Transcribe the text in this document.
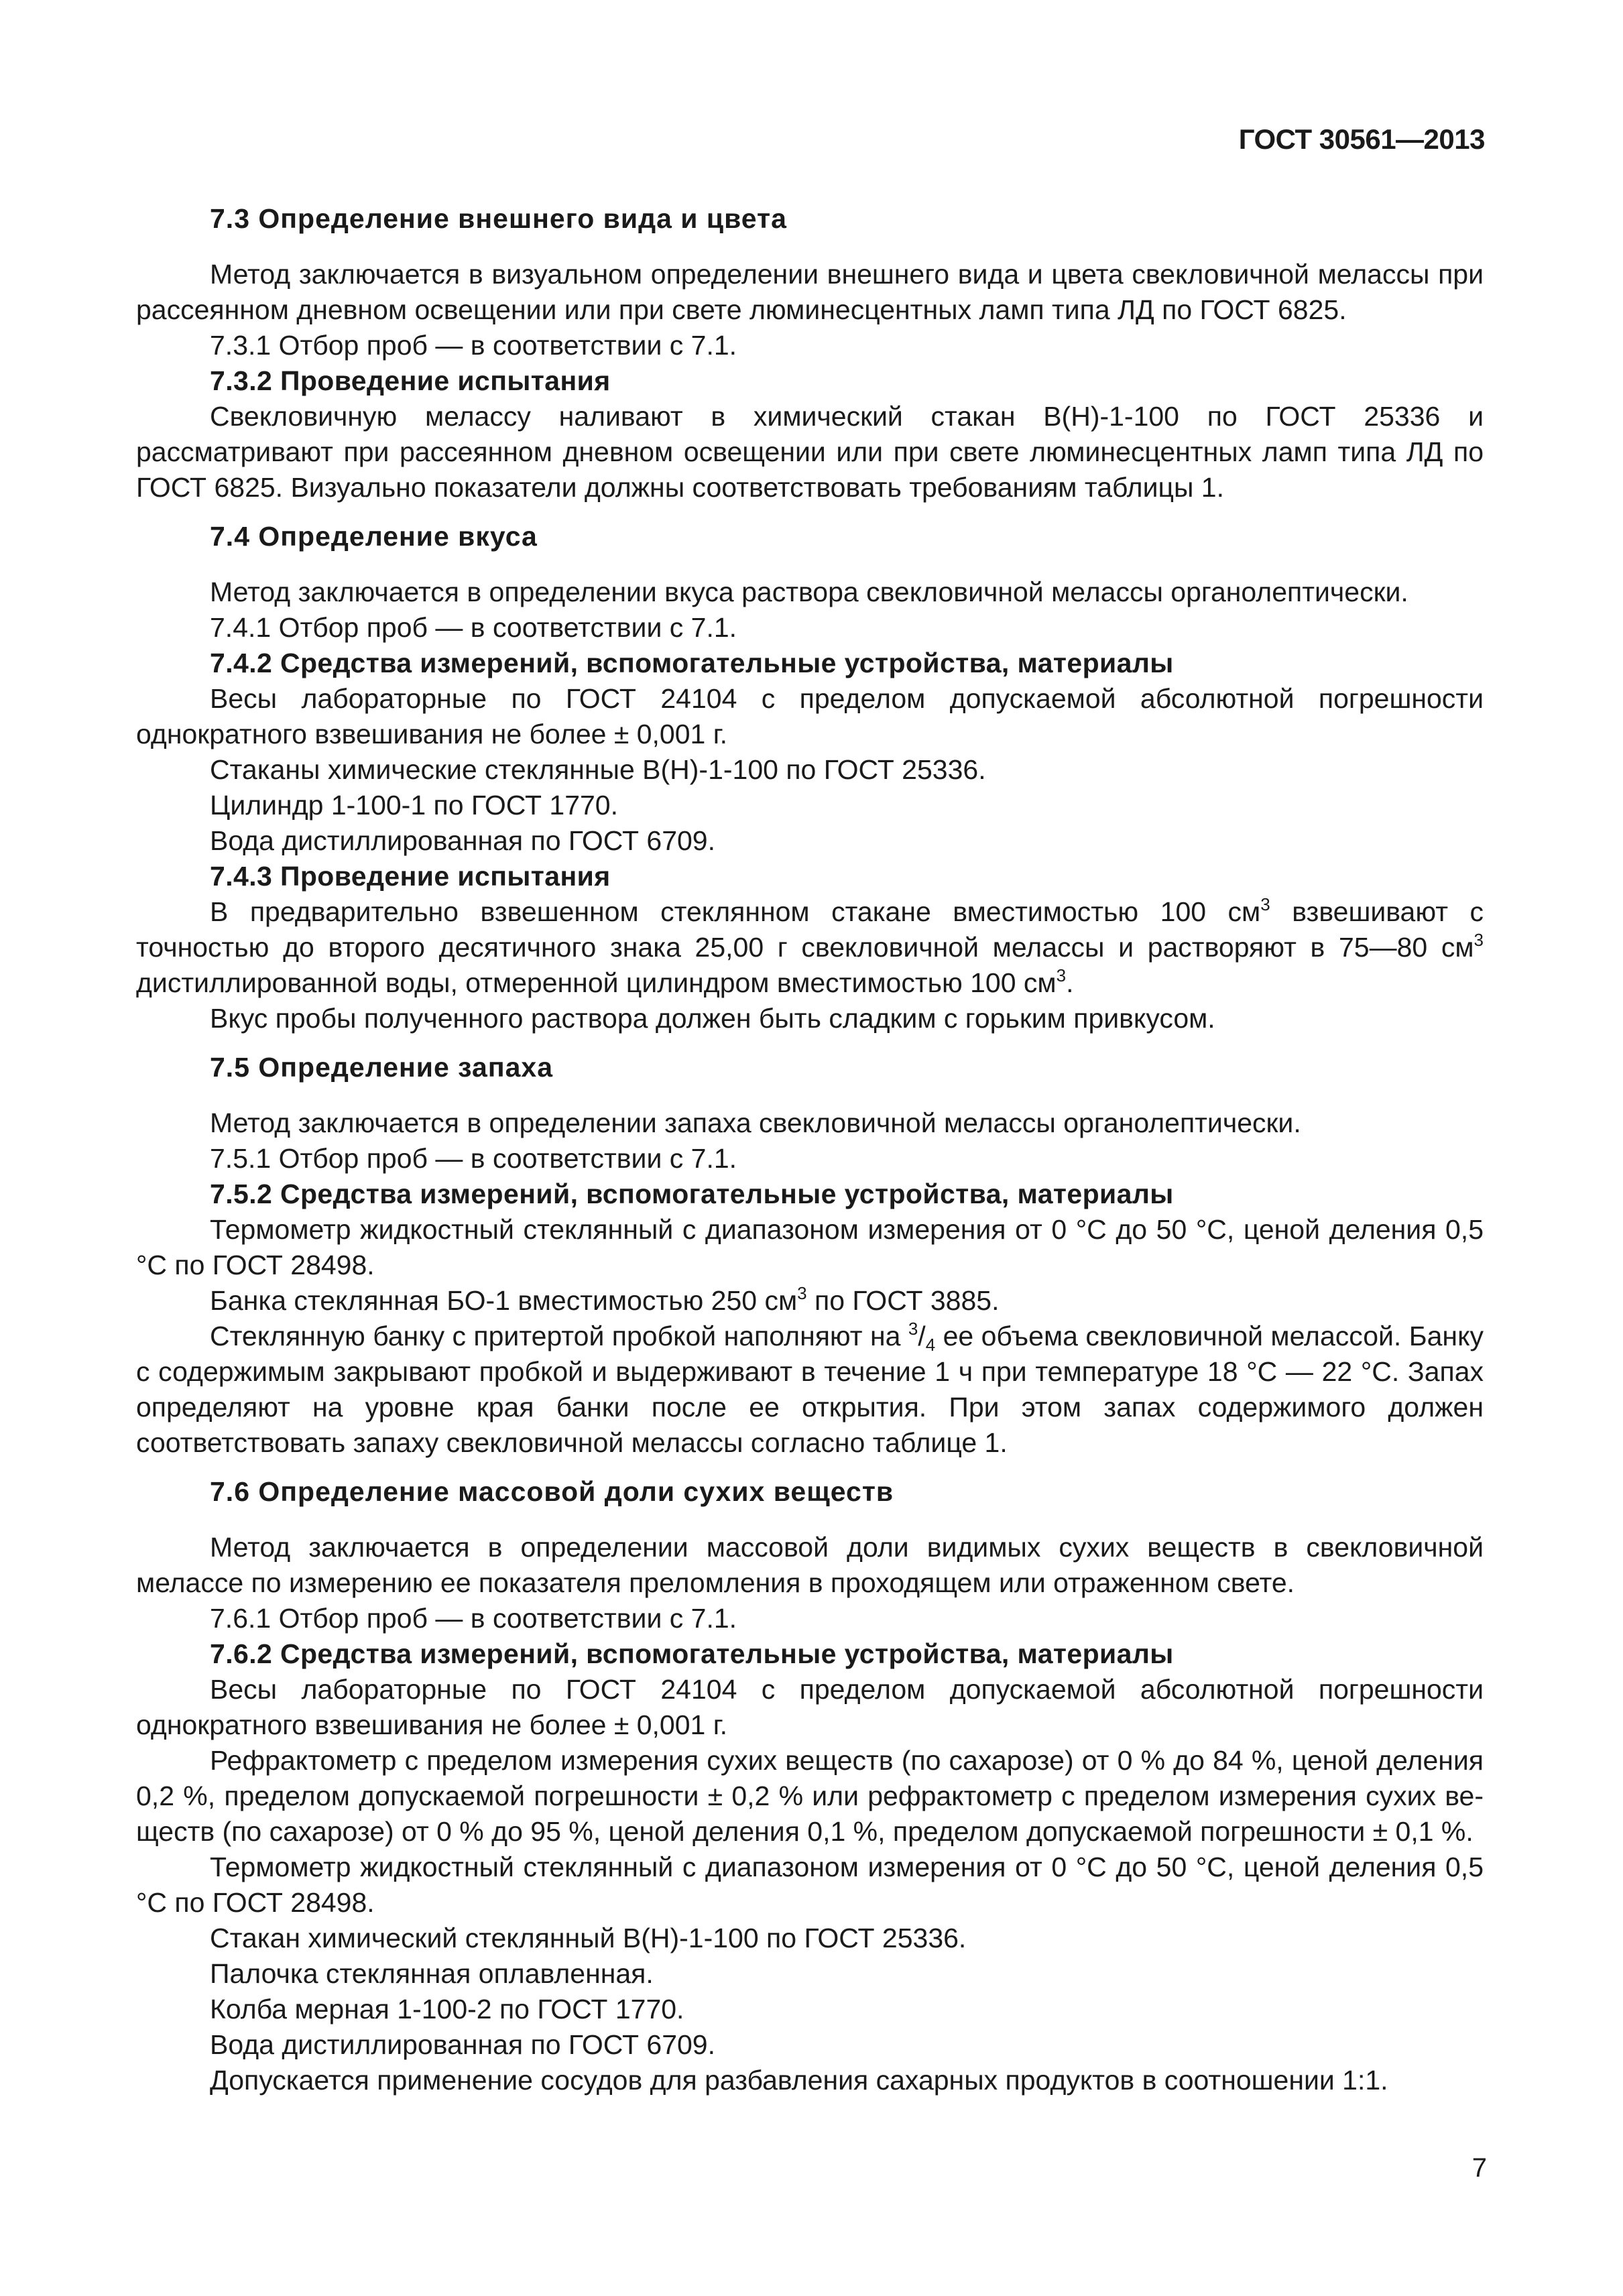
ГОСТ 30561—2013
7.3 Определение внешнего вида и цвета

Метод заключается в визуальном определении внешнего вида и цвета свекловичной мелассы при рассеянном дневном освещении или при свете люминесцентных ламп типа ЛД по ГОСТ 6825.

7.3.1 Отбор проб — в соответствии с 7.1.

7.3.2 Проведение испытания

Свекловичную мелассу наливают в химический стакан В(Н)-1-100 по ГОСТ 25336 и рассматривают при рассеянном дневном освещении или при свете люминесцентных ламп типа ЛД по ГОСТ 6825. Визуально показатели должны соответствовать требованиям таблицы 1.

7.4 Определение вкуса

Метод заключается в определении вкуса раствора свекловичной мелассы органолептически.

7.4.1 Отбор проб — в соответствии с 7.1.

7.4.2 Средства измерений, вспомогательные устройства, материалы

Весы лабораторные по ГОСТ 24104 с пределом допускаемой абсолютной погрешности однократного взвешивания не более ± 0,001 г.

Стаканы химические стеклянные В(Н)-1-100 по ГОСТ 25336.

Цилиндр 1-100-1 по ГОСТ 1770.

Вода дистиллированная по ГОСТ 6709.

7.4.3 Проведение испытания

В предварительно взвешенном стеклянном стакане вместимостью 100 $см^3$ взвешивают с точностью до второго десятичного знака 25,00 г свекловичной мелассы и растворяют в 75—80 $см^3$ дистиллированной воды, отмеренной цилиндром вместимостью 100 $см^3$.

Вкус пробы полученного раствора должен быть сладким с горьким привкусом.

7.5 Определение запаха

Метод заключается в определении запаха свекловичной мелассы органолептически.

7.5.1 Отбор проб — в соответствии с 7.1.

7.5.2 Средства измерений, вспомогательные устройства, материалы

Термометр жидкостный стеклянный с диапазоном измерения от 0 °С до 50 °С, ценой деления 0,5 °С по ГОСТ 28498.

Банка стеклянная БО-1 вместимостью 250 $см^3$ по ГОСТ 3885.

Стеклянную банку с притертой пробкой наполняют на $^3/_4$ ее объема свекловичной мелассой. Банку с содержимым закрывают пробкой и выдерживают в течение 1 ч при температуре 18 °С — 22 °С. Запах определяют на уровне края банки после ее открытия. При этом запах содержимого должен соответствовать запаху свекловичной мелассы согласно таблице 1.

7.6 Определение массовой доли сухих веществ

Метод заключается в определении массовой доли видимых сухих веществ в свекловичной мелассе по измерению ее показателя преломления в проходящем или отраженном свете.

7.6.1 Отбор проб — в соответствии с 7.1.

7.6.2 Средства измерений, вспомогательные устройства, материалы

Весы лабораторные по ГОСТ 24104 с пределом допускаемой абсолютной погрешности однократного взвешивания не более ± 0,001 г.

Рефрактометр с пределом измерения сухих веществ (по сахарозе) от 0 % до 84 %, ценой деления 0,2 %, пределом допускаемой погрешности ± 0,2 % или рефрактометр с пределом измерения сухих веществ (по сахарозе) от 0 % до 95 %, ценой деления 0,1 %, пределом допускаемой погрешности ± 0,1 %.

Термометр жидкостный стеклянный с диапазоном измерения от 0 °С до 50 °С, ценой деления 0,5 °С по ГОСТ 28498.

Стакан химический стеклянный В(Н)-1-100 по ГОСТ 25336.

Палочка стеклянная оплавленная.

Колба мерная 1-100-2 по ГОСТ 1770.

Вода дистиллированная по ГОСТ 6709.

Допускается применение сосудов для разбавления сахарных продуктов в соотношении 1:1.

7
